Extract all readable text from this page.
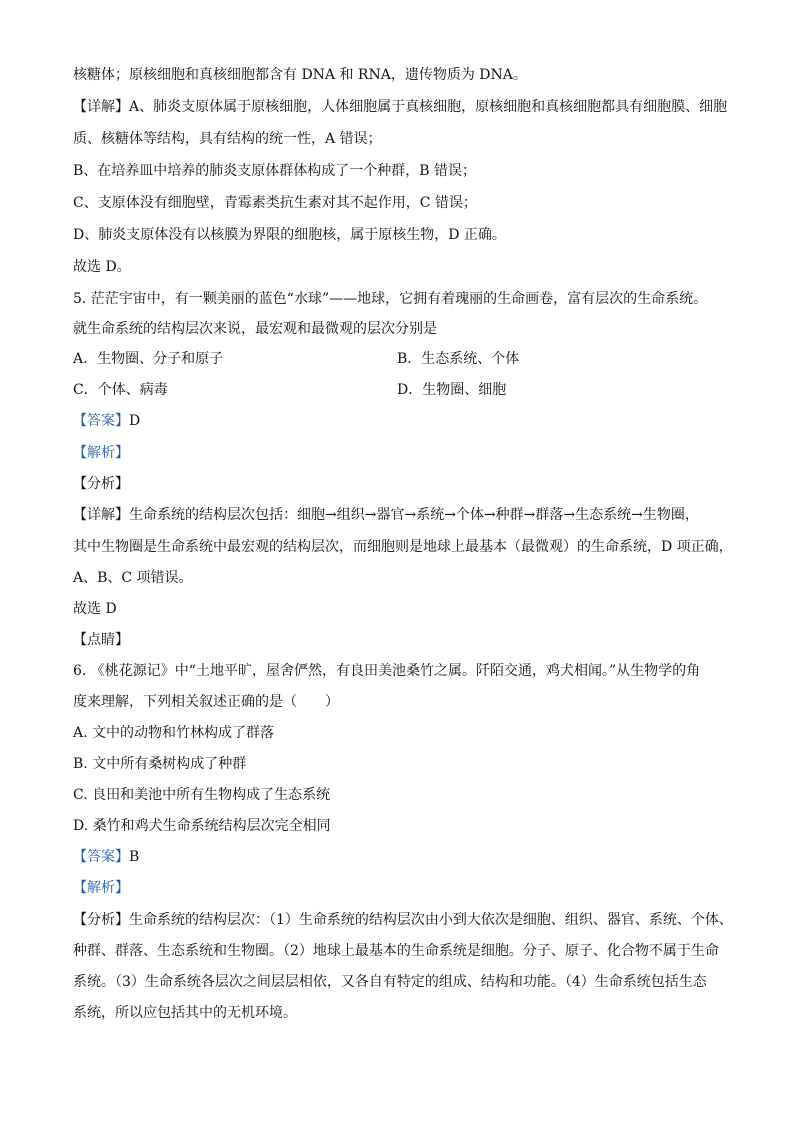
核糖体；原核细胞和真核细胞都含有 DNA 和 RNA，遗传物质为 DNA。
【详解】A、肺炎支原体属于原核细胞，人体细胞属于真核细胞，原核细胞和真核细胞都具有细胞膜、细胞
质、核糖体等结构，具有结构的统一性，A 错误；
B、在培养皿中培养的肺炎支原体群体构成了一个种群，B 错误；
C、支原体没有细胞壁，青霉素类抗生素对其不起作用，C 错误；
D、肺炎支原体没有以核膜为界限的细胞核，属于原核生物，D 正确。
故选 D。
5. 茫茫宇宙中，有一颗美丽的蓝色“水球”——地球，它拥有着瑰丽的生命画卷，富有层次的生命系统。
就生命系统的结构层次来说，最宏观和最微观的层次分别是
A．生物圈、分子和原子	B．生态系统、个体
C．个体、病毒	D．生物圈、细胞
【答案】D
【解析】
【分析】
【详解】生命系统的结构层次包括：细胞→组织→器官→系统→个体→种群→群落→生态系统→生物圈，
其中生物圈是生命系统中最宏观的结构层次，而细胞则是地球上最基本（最微观）的生命系统，D 项正确，
A、B、C 项错误。
故选 D
【点睛】
6. 《桃花源记》中“土地平旷，屋舍俨然，有良田美池桑竹之属。阡陌交通，鸡犬相闻。”从生物学的角
度来理解，下列相关叙述正确的是（　　）
A. 文中的动物和竹林构成了群落
B. 文中所有桑树构成了种群
C. 良田和美池中所有生物构成了生态系统
D. 桑竹和鸡犬生命系统结构层次完全相同
【答案】B
【解析】
【分析】生命系统的结构层次：（1）生命系统的结构层次由小到大依次是细胞、组织、器官、系统、个体、
种群、群落、生态系统和生物圈。（2）地球上最基本的生命系统是细胞。分子、原子、化合物不属于生命
系统。（3）生命系统各层次之间层层相依，又各自有特定的组成、结构和功能。（4）生命系统包括生态
系统，所以应包括其中的无机环境。
